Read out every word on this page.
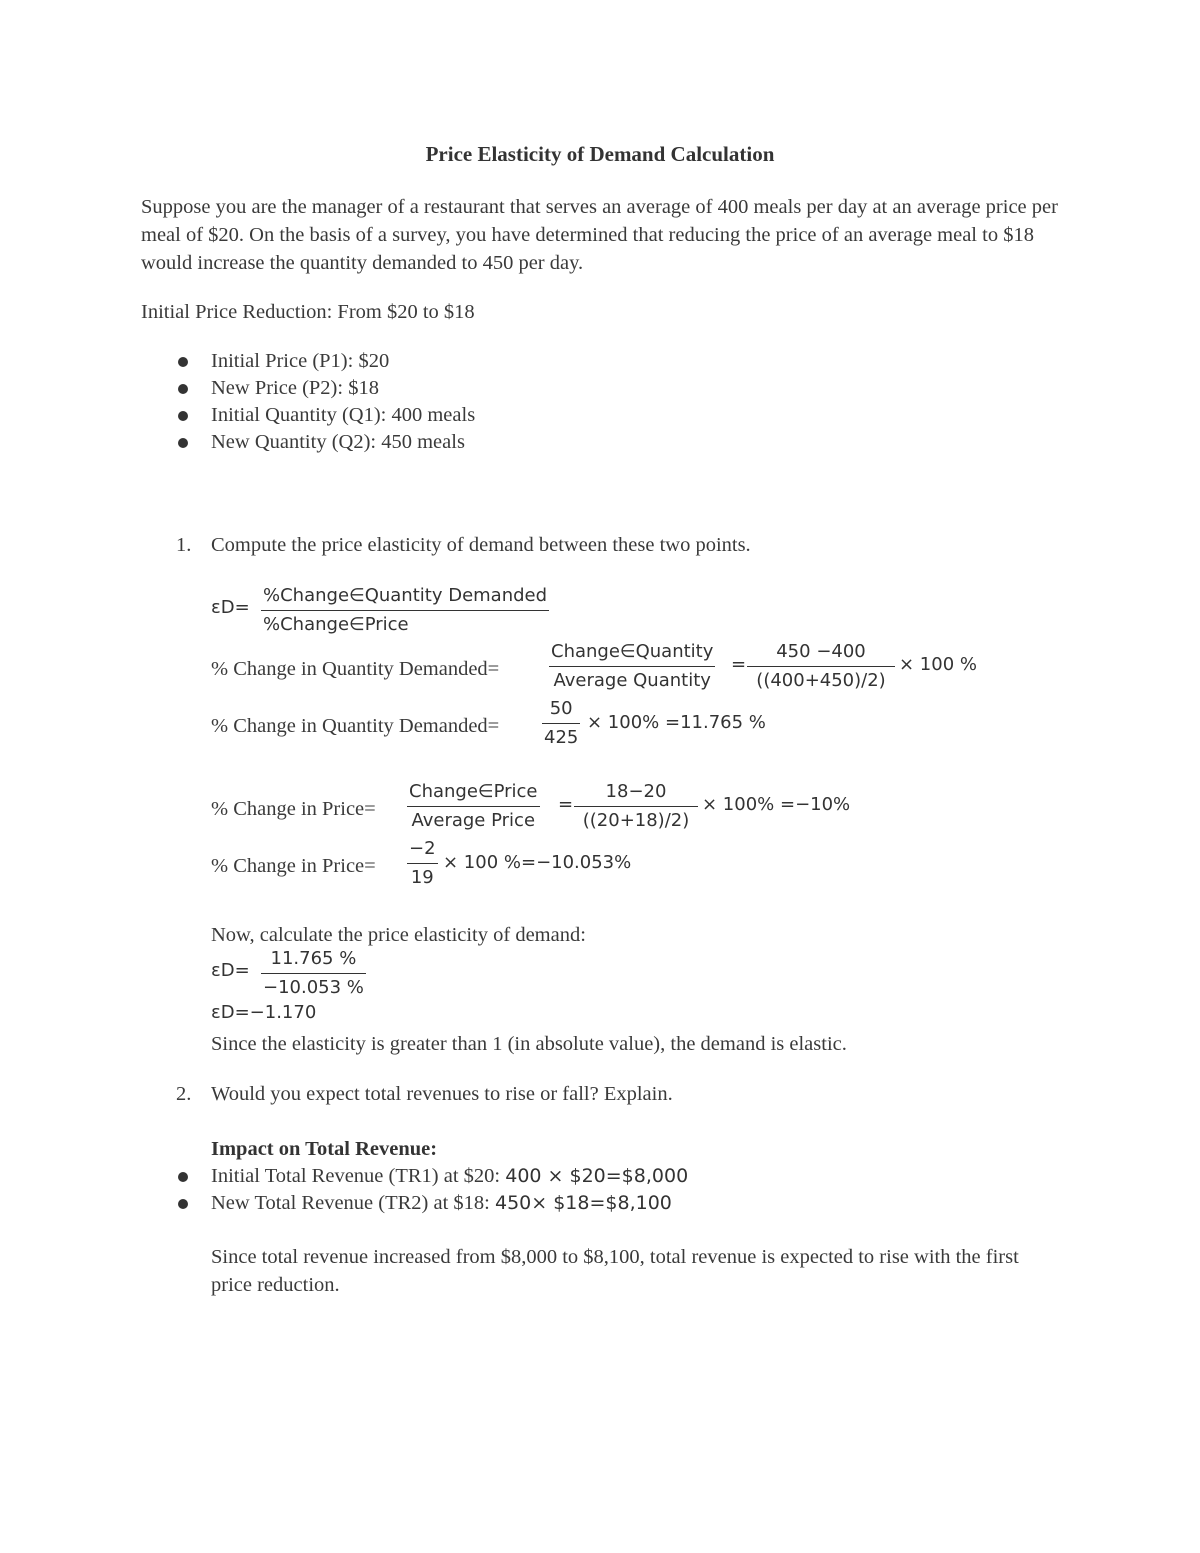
Price Elasticity of Demand Calculation
Suppose you are the manager of a restaurant that serves an average of 400 meals per day at an average price per meal of $20. On the basis of a survey, you have determined that reducing the price of an average meal to $18 would increase the quantity demanded to 450 per day.
Initial Price Reduction: From $20 to $18
Initial Price (P1): $20
New Price (P2): $18
Initial Quantity (Q1): 400 meals
New Quantity (Q2): 450 meals
1. Compute the price elasticity of demand between these two points.
εD=
%Change∈Quantity Demanded
%Change∈Price
% Change in Quantity Demanded=
Change∈Quantity
Average Quantity
=
450 −400
((400+450)/2)
× 100 %
% Change in Quantity Demanded=
50
425
× 100% =11.765 %
% Change in Price=
Change∈Price
Average Price
=
18−20
((20+18)/2)
× 100% =−10%
% Change in Price=
−2
19
× 100 %=−10.053%
Now, calculate the price elasticity of demand:
εD=
11.765 %
−10.053 %
εD=−1.170
Since the elasticity is greater than 1 (in absolute value), the demand is elastic.
2. Would you expect total revenues to rise or fall? Explain.
Impact on Total Revenue:
Initial Total Revenue (TR1) at $20: 400 × $20=$8,000
New Total Revenue (TR2) at $18: 450× $18=$8,100
Since total revenue increased from $8,000 to $8,100, total revenue is expected to rise with the first price reduction.
